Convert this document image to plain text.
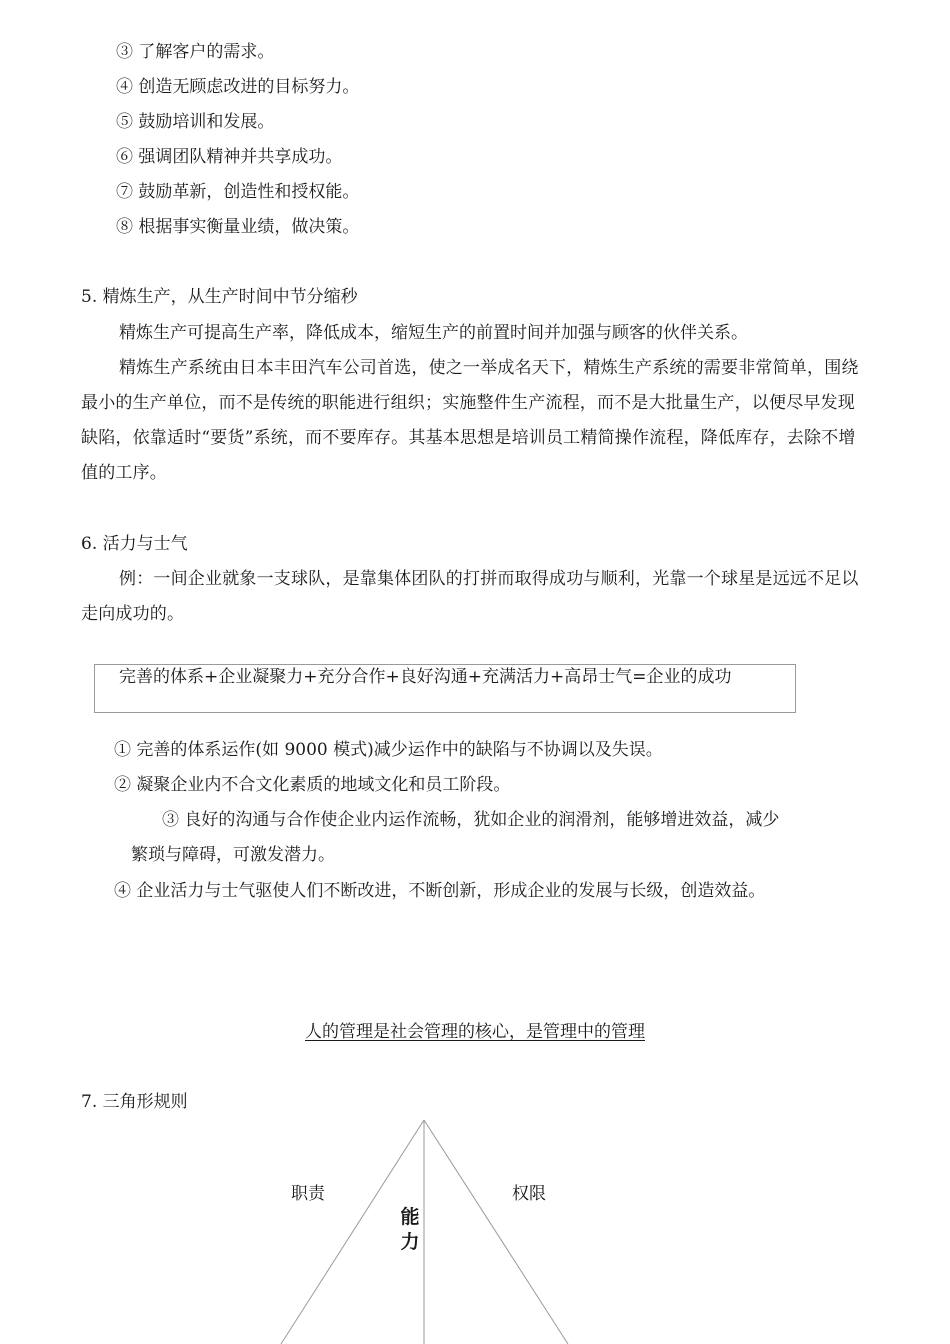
③ 了解客户的需求。
④ 创造无顾虑改进的目标努力。
⑤ 鼓励培训和发展。
⑥ 强调团队精神并共享成功。
⑦ 鼓励革新，创造性和授权能。
⑧ 根据事实衡量业绩，做决策。
5. 精炼生产，从生产时间中节分缩秒
精炼生产可提高生产率，降低成本，缩短生产的前置时间并加强与顾客的伙伴关系。
精炼生产系统由日本丰田汽车公司首选，使之一举成名天下，精炼生产系统的需要非常简单，围绕最小的生产单位，而不是传统的职能进行组织；实施整件生产流程，而不是大批量生产，以便尽早发现缺陷，依靠适时“要货”系统，而不要库存。其基本思想是培训员工精简操作流程，降低库存，去除不增值的工序。
6. 活力与士气
例：一间企业就象一支球队，是靠集体团队的打拼而取得成功与顺利，光靠一个球星是远远不足以走向成功的。
完善的体系+企业凝聚力+充分合作+良好沟通+充满活力+高昂士气=企业的成功
① 完善的体系运作(如 9000 模式)减少运作中的缺陷与不协调以及失误。
② 凝聚企业内不合文化素质的地域文化和员工阶段。
③ 良好的沟通与合作使企业内运作流畅，犹如企业的润滑剂，能够增进效益，减少
繁琐与障碍，可激发潜力。
④ 企业活力与士气驱使人们不断改进，不断创新，形成企业的发展与长级，创造效益。
人的管理是社会管理的核心，是管理中的管理
7. 三角形规则
职责	权限
能
力
